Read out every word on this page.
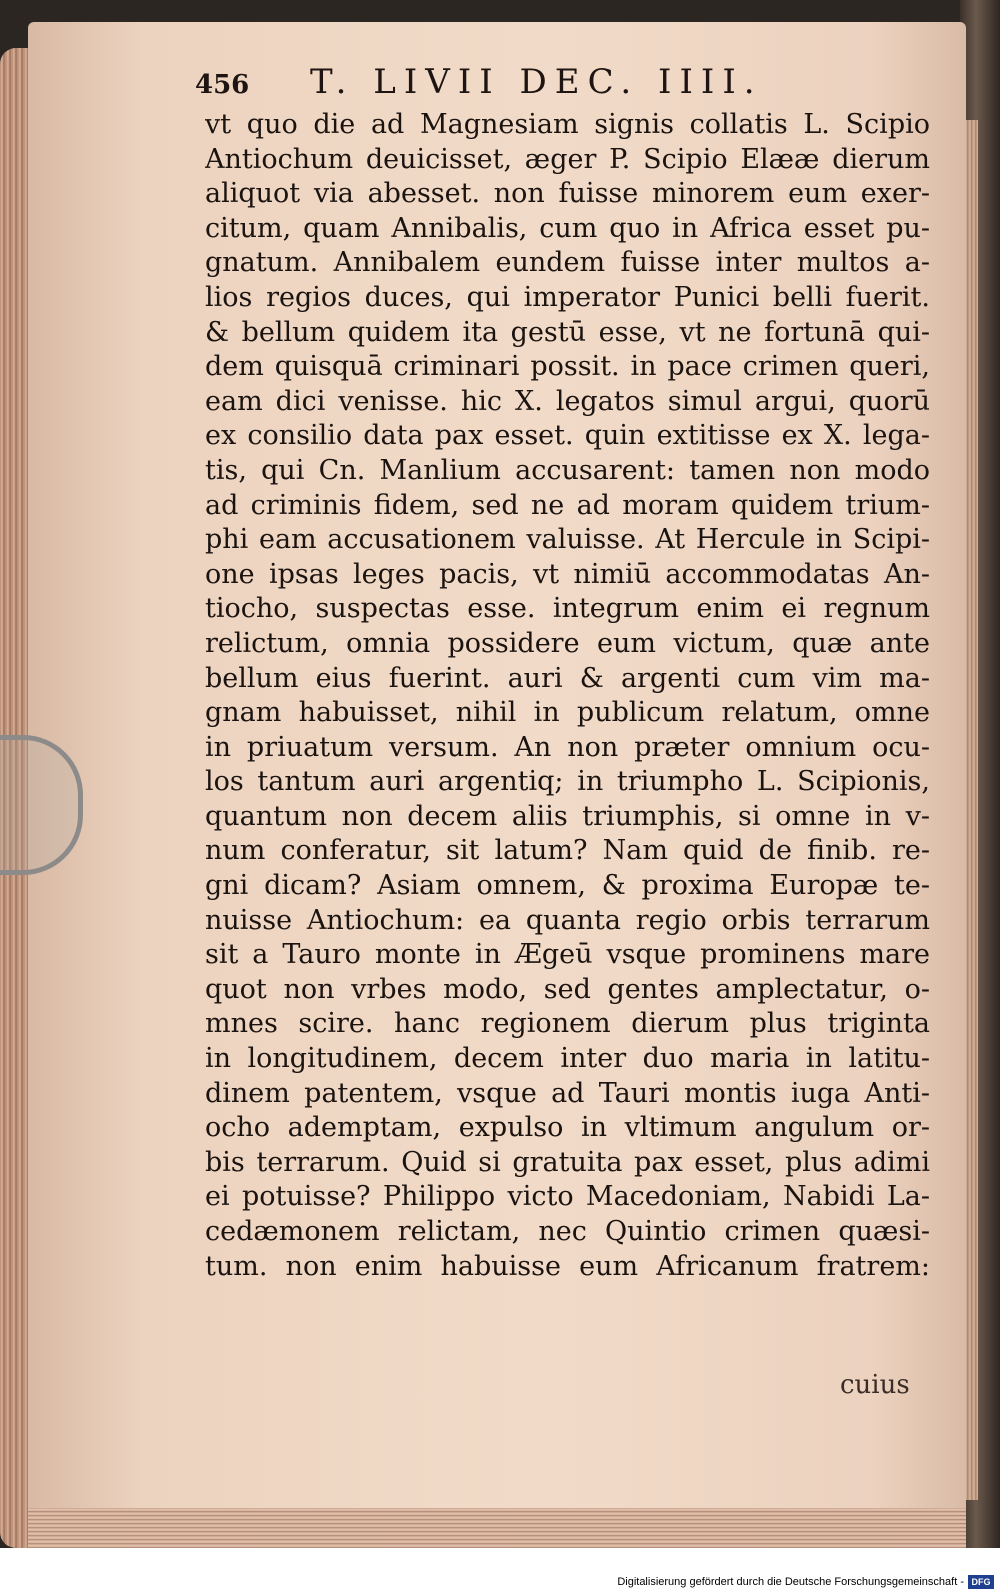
456 T. LIVII DEC. IIII.
vt quo die ad Magnesiam signis collatis L. Scipio
Antiochum deuicisset, æger P. Scipio Elææ dierum
aliquot via abesset. non fuisse minorem eum exer-
citum, quam Annibalis, cum quo in Africa esset pu-
gnatum. Annibalem eundem fuisse inter multos a-
lios regios duces, qui imperator Punici belli fuerit.
& bellum quidem ita gestū esse, vt ne fortunā qui-
dem quisquā criminari possit. in pace crimen queri,
eam dici venisse. hic X. legatos simul argui, quorū
ex consilio data pax esset. quin extitisse ex X. lega-
tis, qui Cn. Manlium accusarent: tamen non modo
ad criminis fidem, sed ne ad moram quidem trium-
phi eam accusationem valuisse. At Hercule in Scipi-
one ipsas leges pacis, vt nimiū accommodatas An-
tiocho, suspectas esse. integrum enim ei regnum
relictum, omnia possidere eum victum, quæ ante
bellum eius fuerint. auri & argenti cum vim ma-
gnam habuisset, nihil in publicum relatum, omne
in priuatum versum. An non præter omnium ocu-
los tantum auri argentiq; in triumpho L. Scipionis,
quantum non decem aliis triumphis, si omne in v-
num conferatur, sit latum? Nam quid de finib. re-
gni dicam? Asiam omnem, & proxima Europæ te-
nuisse Antiochum: ea quanta regio orbis terrarum
sit a Tauro monte in Ægeū vsque prominens mare
quot non vrbes modo, sed gentes amplectatur, o-
mnes scire. hanc regionem dierum plus triginta
in longitudinem, decem inter duo maria in latitu-
dinem patentem, vsque ad Tauri montis iuga Anti-
ocho ademptam, expulso in vltimum angulum or-
bis terrarum. Quid si gratuita pax esset, plus adimi
ei potuisse? Philippo victo Macedoniam, Nabidi La-
cedæmonem relictam, nec Quintio crimen quæsi-
tum. non enim habuisse eum Africanum fratrem:
cuius
Digitalisierung gefördert durch die Deutsche Forschungsgemeinschaft - DFG
